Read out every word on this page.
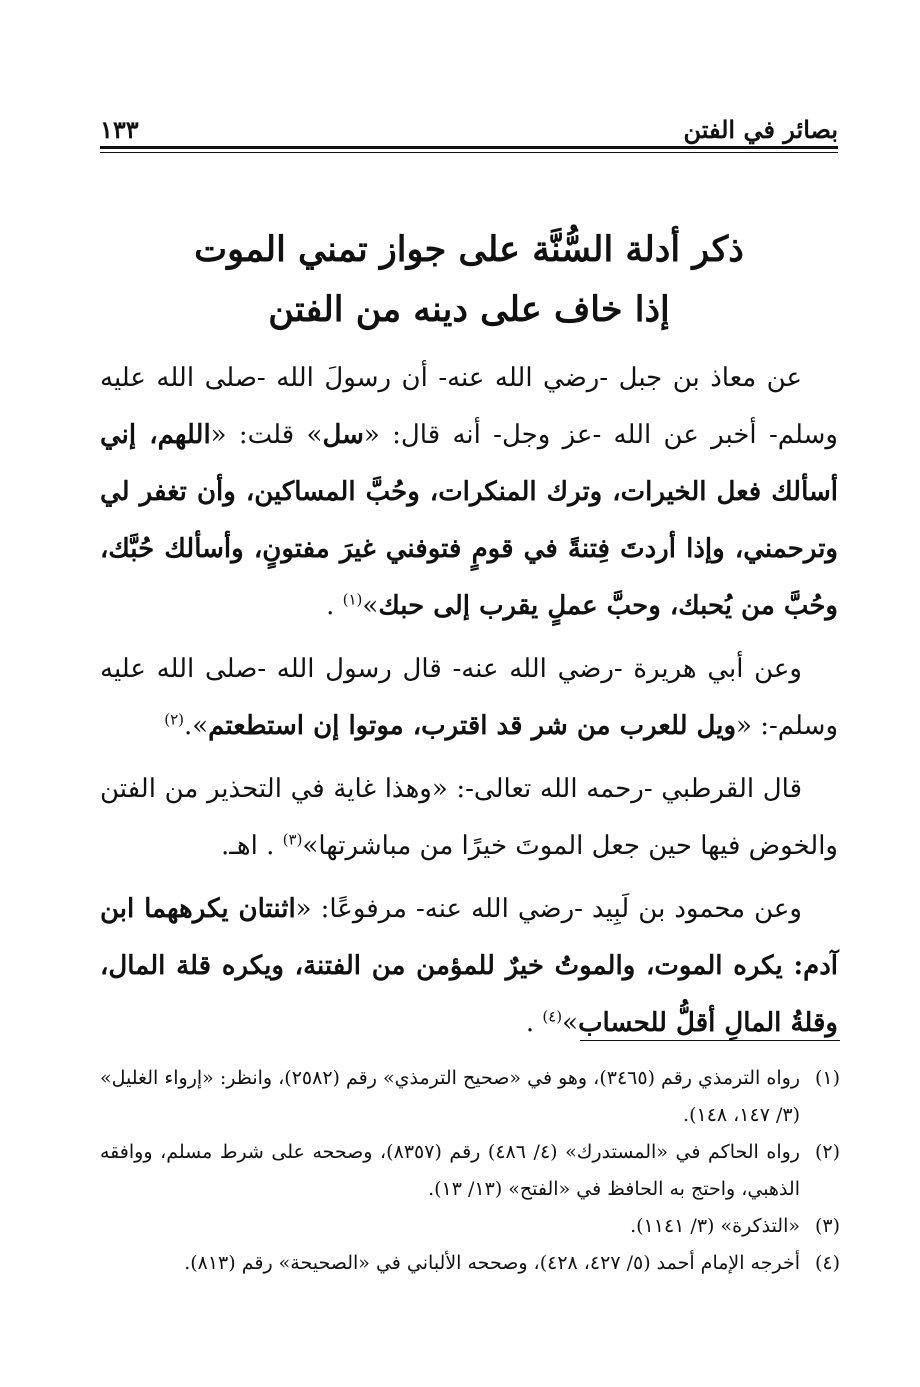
بصائر في الفتن
١٣٣
ذكر أدلة السُّنَّة على جواز تمني الموت
إذا خاف على دينه من الفتن

عن معاذ بن جبل -رضي الله عنه- أن رسولَ الله -صلى الله عليه وسلم- أخبر عن الله -عز وجل- أنه قال: «سل» قلت: «اللهم، إني أسألك فعل الخيرات، وترك المنكرات، وحُبَّ المساكين، وأن تغفر لي وترحمني، وإذا أردتَ فِتنةً في قومٍ فتوفني غيرَ مفتونٍ، وأسألك حُبَّك، وحُبَّ من يُحبك، وحبَّ عملٍ يقرب إلى حبك»$^{(١)}$ .

وعن أبي هريرة -رضي الله عنه- قال رسول الله -صلى الله عليه وسلم-: «ويل للعرب من شر قد اقترب، موتوا إن استطعتم».$^{(٢)}$

قال القرطبي -رحمه الله تعالى-: «وهذا غاية في التحذير من الفتن والخوض فيها حين جعل الموتَ خيرًا من مباشرتها»$^{(٣)}$ . اهـ.

وعن محمود بن لَبِيد -رضي الله عنه- مرفوعًا: «اثنتان يكرههما ابن آدم: يكره الموت، والموتُ خيرٌ للمؤمن من الفتنة، ويكره قلة المال، وقلةُ المالِ أقلُّ للحساب»$^{(٤)}$ .

(١)
رواه الترمذي رقم (٣٤٦٥)، وهو في «صحيح الترمذي» رقم (٢٥٨٢)، وانظر: «إرواء الغليل» (٣/ ١٤٧، ١٤٨).
(٢)
رواه الحاكم في «المستدرك» (٤/ ٤٨٦) رقم (٨٣٥٧)، وصححه على شرط مسلم، ووافقه الذهبي، واحتج به الحافظ في «الفتح» (١٣/ ١٣).
(٣)
«التذكرة» (٣/ ١١٤١).
(٤)
أخرجه الإمام أحمد (٥/ ٤٢٧، ٤٢٨)، وصححه الألباني في «الصحيحة» رقم (٨١٣).
